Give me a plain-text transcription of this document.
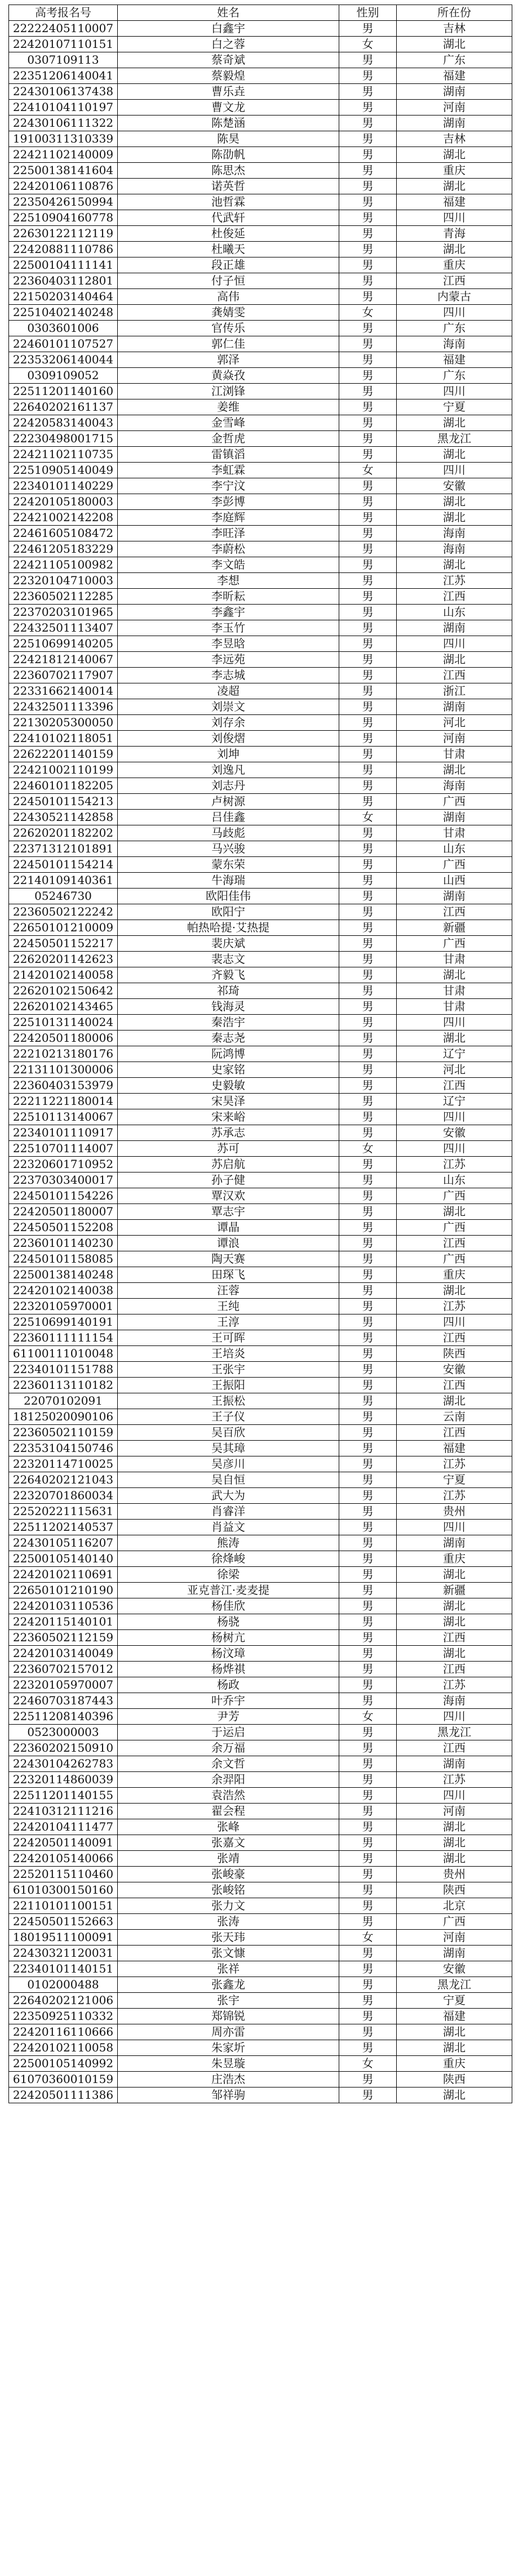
高考报名号	姓名	性别	所在份
22222405110007	白鑫宇	男	吉林
22420107110151	白之蓉	女	湖北
0307109113	蔡奇斌	男	广东
22351206140041	蔡毅煌	男	福建
22430106137438	曹乐垚	男	湖南
22410104110197	曹文龙	男	河南
22430106111322	陈楚涵	男	湖南
19100311310339	陈昊	男	吉林
22421102140009	陈劭帆	男	湖北
22500138141604	陈思杰	男	重庆
22420106110876	诺英哲	男	湖北
22350426150994	池哲霖	男	福建
22510904160778	代武轩	男	四川
22630122112119	杜俊延	男	青海
22420881110786	杜曦天	男	湖北
22500104111141	段正雄	男	重庆
22360403112801	付子恒	男	江西
22150203140464	高伟	男	内蒙古
22510402140248	龚婧雯	女	四川
0303601006	官传乐	男	广东
22460101107527	郭仁佳	男	海南
22353206140044	郭泽	男	福建
0309109052	黄焱孜	男	广东
22511201140160	江浏锋	男	四川
22640202161137	姜维	男	宁夏
22420583140043	金雪峰	男	湖北
22230498001715	金哲虎	男	黑龙江
22421102110735	雷镇滔	男	湖北
22510905140049	李虹霖	女	四川
22340101140229	李宁汶	男	安徽
22420105180003	李彭博	男	湖北
22421002142208	李庭辉	男	湖北
22461605108472	李旺泽	男	海南
22461205183229	李蔚松	男	海南
22421105100982	李文皓	男	湖北
22320104710003	李想	男	江苏
22360502112285	李昕耘	男	江西
22370203101965	李鑫宇	男	山东
22432501113407	李玉竹	男	湖南
22510699140205	李昱晗	男	四川
22421812140067	李远苑	男	湖北
22360702117907	李志城	男	江西
22331662140014	凌超	男	浙江
22432501113396	刘崇文	男	湖南
22130205300050	刘存余	男	河北
22410102118051	刘俊熠	男	河南
22622201140159	刘坤	男	甘肃
22421002110199	刘逸凡	男	湖北
22460101182205	刘志丹	男	海南
22450101154213	卢树源	男	广西
22430521142858	吕佳鑫	女	湖南
22620201182202	马歧彪	男	甘肃
22371312101891	马兴骏	男	山东
22450101154214	蒙东荣	男	广西
22140109140361	牛海瑞	男	山西
05246730	欧阳佳伟	男	湖南
22360502122242	欧阳宁	男	江西
22650101210009	帕热哈提·艾热提	男	新疆
22450501152217	裴庆斌	男	广西
22620201142623	裴志文	男	甘肃
21420102140058	齐毅飞	男	湖北
22620102150642	祁琦	男	甘肃
22620102143465	钱海灵	男	甘肃
22510131140024	秦浩宇	男	四川
22420501180006	秦志尧	男	湖北
22210213180176	阮鸿博	男	辽宁
22131101300006	史家铭	男	河北
22360403153979	史毅敏	男	江西
22211221180014	宋昊泽	男	辽宁
22510113140067	宋来峪	男	四川
22340101110917	苏承志	男	安徽
22510701114007	苏可	女	四川
22320601710952	苏启航	男	江苏
22370303400017	孙子健	男	山东
22450101154226	覃汉欢	男	广西
22420501180007	覃志宇	男	湖北
22450501152208	谭晶	男	广西
22360101140230	谭浪	男	江西
22450101158085	陶天赛	男	广西
22500138140248	田琛飞	男	重庆
22420102140038	汪蓉	男	湖北
22320105970001	王纯	男	江苏
22510699140191	王淳	男	四川
22360111111154	王可晖	男	江西
61100111010048	王培炎	男	陕西
22340101151788	王张宇	男	安徽
22360113110182	王振阳	男	江西
22070102091	王振松	男	湖北
18125020090106	王子仪	男	云南
22360502110159	吴百欣	男	江西
22353104150746	吴其璋	男	福建
22320114710025	吴彦川	男	江苏
22640202121043	吴自恒	男	宁夏
22320701860034	武大为	男	江苏
22520221115631	肖睿洋	男	贵州
22511202140537	肖益文	男	四川
22430105116207	熊涛	男	湖南
22500105140140	徐烽峻	男	重庆
22420102110691	徐梁	男	湖北
22650101210190	亚克普江·麦麦提	男	新疆
22420103110536	杨佳欣	男	湖北
22420115140101	杨骁	男	湖北
22360502112159	杨树亢	男	江西
22420103140049	杨汶璋	男	湖北
22360702157012	杨烨祺	男	江西
22320105970007	杨政	男	江苏
22460703187443	叶乔宇	男	海南
22511208140396	尹芳	女	四川
0523000003	于运启	男	黑龙江
22360202150910	余万福	男	江西
22430104262783	余文哲	男	湖南
22320114860039	余羿阳	男	江苏
22511201140155	袁浩然	男	四川
22410312111216	翟会程	男	河南
22420104111477	张峰	男	湖北
22420501140091	张嘉文	男	湖北
22420105140066	张靖	男	湖北
22520115110460	张峻豪	男	贵州
61010300150160	张峻铭	男	陕西
22110101100151	张力文	男	北京
22450501152663	张涛	男	广西
18019511100091	张天玮	女	河南
22430321120031	张文慷	男	湖南
22340101140151	张祥	男	安徽
0102000488	张鑫龙	男	黑龙江
22640202121006	张宇	男	宁夏
22350925110332	郑锦锐	男	福建
22420116110666	周亦雷	男	湖北
22420102110058	朱家圻	男	湖北
22500105140992	朱昱璇	女	重庆
61070360010159	庄浩杰	男	陕西
22420501111386	邹祥驹	男	湖北
